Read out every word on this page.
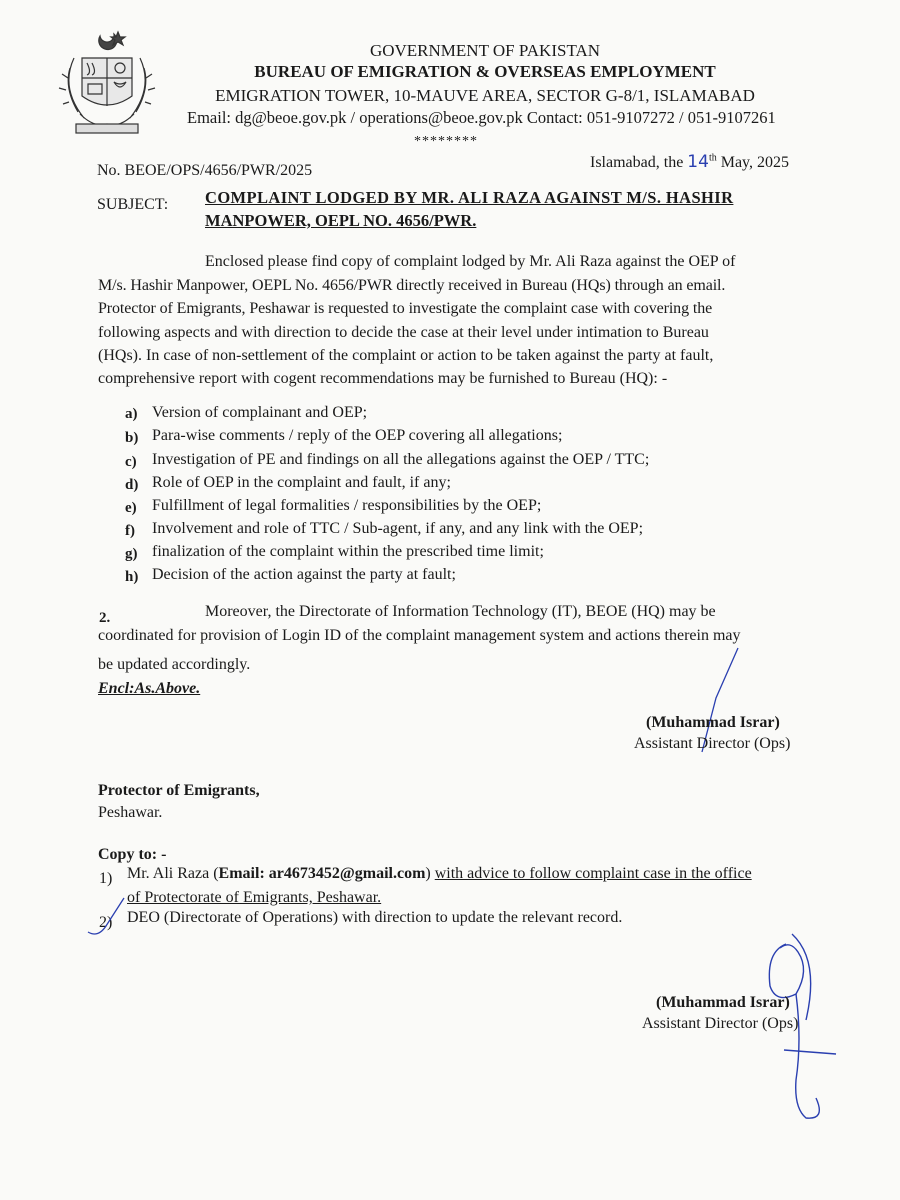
GOVERNMENT OF PAKISTAN
BUREAU OF EMIGRATION & OVERSEAS EMPLOYMENT
EMIGRATION TOWER, 10-MAUVE AREA, SECTOR G-8/1, ISLAMABAD
Email: dg@beoe.gov.pk / operations@beoe.gov.pk Contact: 051-9107272 / 051-9107261
********
No. BEOE/OPS/4656/PWR/2025	Islamabad, the 14th May, 2025
SUBJECT: COMPLAINT LODGED BY MR. ALI RAZA AGAINST M/S. HASHIR
MANPOWER, OEPL NO. 4656/PWR.
Enclosed please find copy of complaint lodged by Mr. Ali Raza against the OEP of
M/s. Hashir Manpower, OEPL No. 4656/PWR directly received in Bureau (HQs) through an email.
Protector of Emigrants, Peshawar is requested to investigate the complaint case with covering the
following aspects and with direction to decide the case at their level under intimation to Bureau
(HQs). In case of non-settlement of the complaint or action to be taken against the party at fault,
comprehensive report with cogent recommendations may be furnished to Bureau (HQ): -
a) Version of complainant and OEP;
b) Para-wise comments / reply of the OEP covering all allegations;
c) Investigation of PE and findings on all the allegations against the OEP / TTC;
d) Role of OEP in the complaint and fault, if any;
e) Fulfillment of legal formalities / responsibilities by the OEP;
f) Involvement and role of TTC / Sub-agent, if any, and any link with the OEP;
g) finalization of the complaint within the prescribed time limit;
h) Decision of the action against the party at fault;
2.	Moreover, the Directorate of Information Technology (IT), BEOE (HQ) may be
coordinated for provision of Login ID of the complaint management system and actions therein may
be updated accordingly.
Encl:As.Above.
(Muhammad Israr)
Assistant Director (Ops)
Protector of Emigrants,
Peshawar.
Copy to: -
1) Mr. Ali Raza (Email: ar4673452@gmail.com) with advice to follow complaint case in the office
of Protectorate of Emigrants, Peshawar.
2) DEO (Directorate of Operations) with direction to update the relevant record.
(Muhammad Israr)
Assistant Director (Ops)
